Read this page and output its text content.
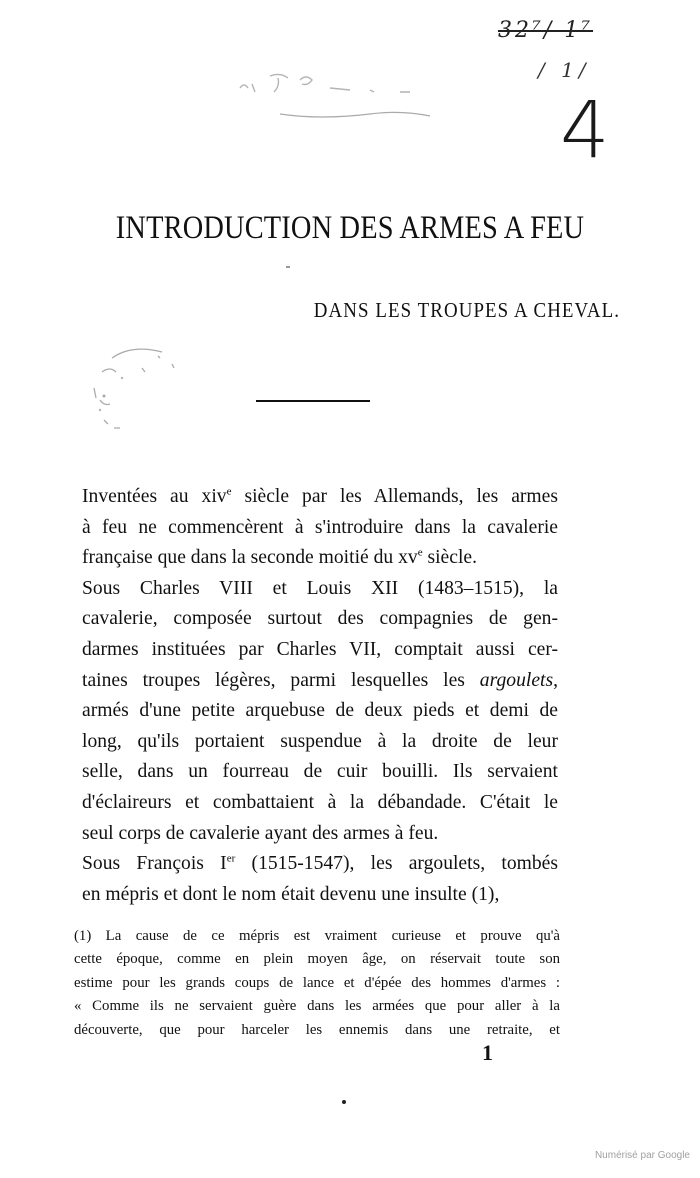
32⁷/ 1⁷
/ 1/
4
INTRODUCTION DES ARMES A FEU
DANS LES TROUPES A CHEVAL.
Inventées au xiv$^e$ siècle par les Allemands, les armes
à feu ne commencèrent à s'introduire dans la cavalerie
française que dans la seconde moitié du $xv^e$ siècle.
Sous Charles VIII et Louis XII (1483–1515), la
cavalerie, composée surtout des compagnies de gen-
darmes instituées par Charles VII, comptait aussi cer-
taines troupes légères, parmi lesquelles les argoulets,
armés d'une petite arquebuse de deux pieds et demi de
long, qu'ils portaient suspendue à la droite de leur
selle, dans un fourreau de cuir bouilli. Ils servaient
d'éclaireurs et combattaient à la débandade. C'était le
seul corps de cavalerie ayant des armes à feu.
Sous François Ier (1515-1547), les argoulets, tombés
en mépris et dont le nom était devenu une insulte (1),
(1) La cause de ce mépris est vraiment curieuse et prouve qu'à
cette époque, comme en plein moyen âge, on réservait toute son
estime pour les grands coups de lance et d'épée des hommes d'armes :
« Comme ils ne servaient guère dans les armées que pour aller à la
découverte, que pour harceler les ennemis dans une retraite, et
1
Numérisé par Google
